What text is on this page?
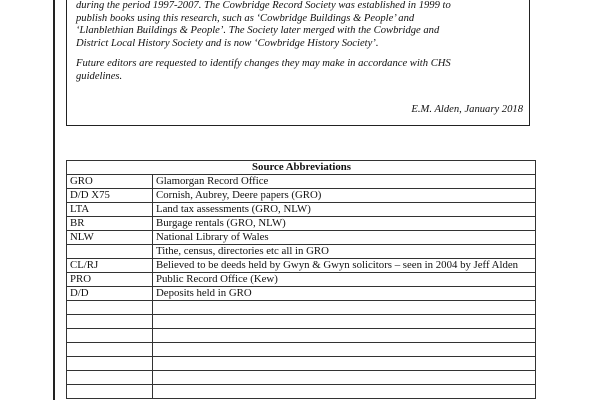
during the period 1997-2007. The Cowbridge Record Society was established in 1999 to
publish books using this research, such as ‘Cowbridge Buildings & People’ and
‘Llanblethian Buildings & People’. The Society later merged with the Cowbridge and
District Local History Society and is now ‘Cowbridge History Society’.

Future editors are requested to identify changes they may make in accordance with CHS
guidelines.

E.M. Alden, January 2018
Source Abbreviations	
GRO	Glamorgan Record Office
D/D X75	Cornish, Aubrey, Deere papers (GRO)
LTA	Land tax assessments (GRO, NLW)
BR	Burgage rentals (GRO, NLW)
NLW	National Library of Wales
	Tithe, census, directories etc all in GRO
CL/RJ	Believed to be deeds held by Gwyn & Gwyn solicitors – seen in 2004 by Jeff Alden
PRO	Public Record Office (Kew)
D/D	Deposits held in GRO
